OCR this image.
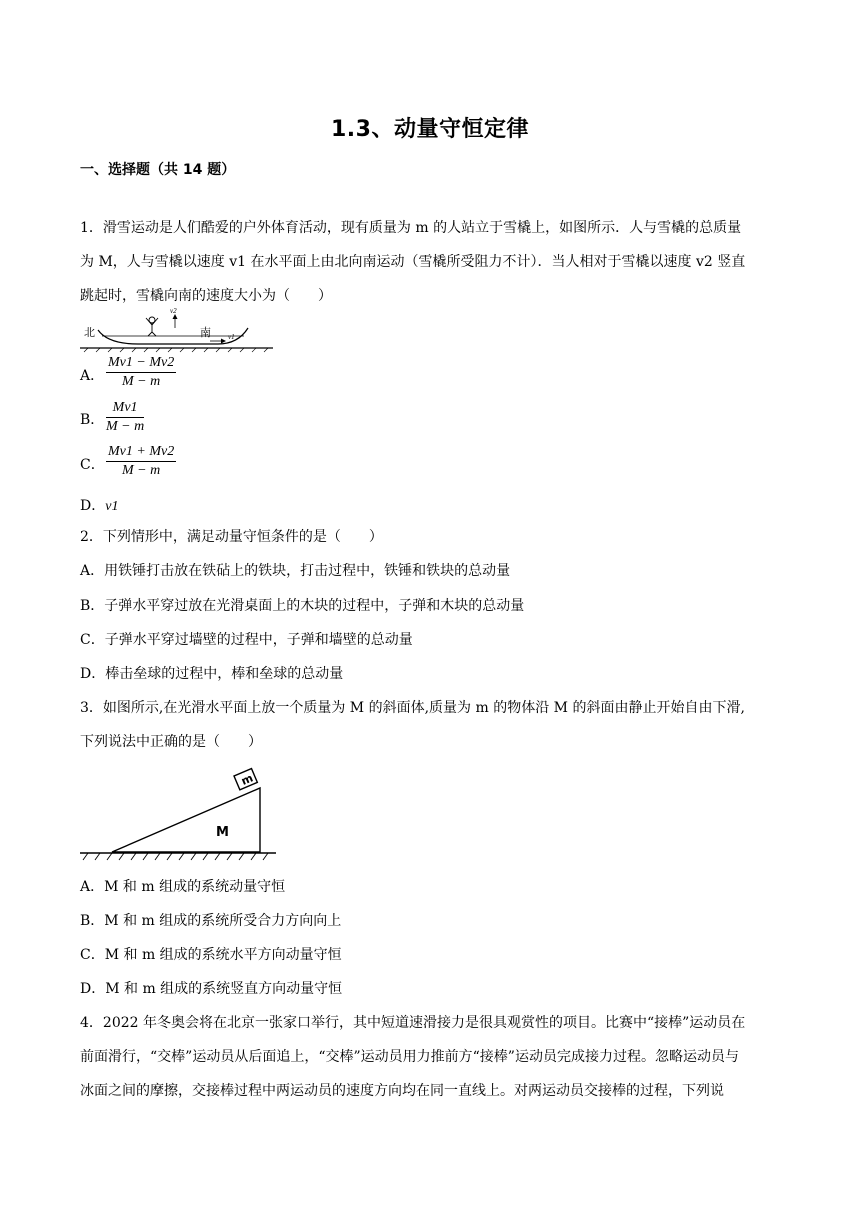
1.3、动量守恒定律
一、选择题（共 14 题）
1．滑雪运动是人们酷爱的户外体育活动，现有质量为 m 的人站立于雪橇上，如图所示．人与雪橇的总质量
为 M，人与雪橇以速度 v1 在水平面上由北向南运动（雪橇所受阻力不计）．当人相对于雪橇以速度 v2 竖直
跳起时，雪橇向南的速度大小为（　　）
北	南
v2
v1
A． $\frac{Mv1 - Mv2}{M - m}$
B． $\frac{Mv1}{M - m}$
C． $\frac{Mv1 + Mv2}{M - m}$
D．v1
2．下列情形中，满足动量守恒条件的是（　　）
A．用铁锤打击放在铁砧上的铁块，打击过程中，铁锤和铁块的总动量
B．子弹水平穿过放在光滑桌面上的木块的过程中，子弹和木块的总动量
C．子弹水平穿过墙壁的过程中，子弹和墙壁的总动量
D．棒击垒球的过程中，棒和垒球的总动量
3．如图所示,在光滑水平面上放一个质量为 M 的斜面体,质量为 m 的物体沿 M 的斜面由静止开始自由下滑,
下列说法中正确的是（　　）
m
M
A．M 和 m 组成的系统动量守恒
B．M 和 m 组成的系统所受合力方向向上
C．M 和 m 组成的系统水平方向动量守恒
D．M 和 m 组成的系统竖直方向动量守恒
4．2022 年冬奥会将在北京一张家口举行，其中短道速滑接力是很具观赏性的项目。比赛中“接棒”运动员在
前面滑行，“交棒”运动员从后面追上，“交棒”运动员用力推前方“接棒”运动员完成接力过程。忽略运动员与
冰面之间的摩擦，交接棒过程中两运动员的速度方向均在同一直线上。对两运动员交接棒的过程，下列说
